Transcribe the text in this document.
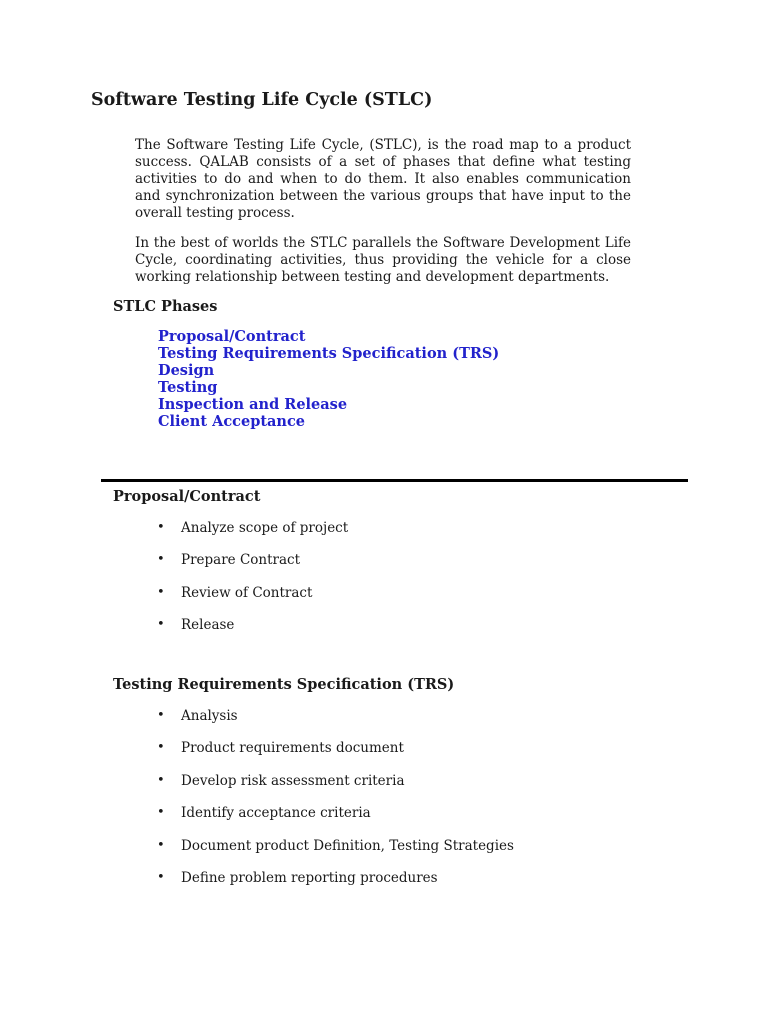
Software Testing Life Cycle (STLC)

The Software Testing Life Cycle, (STLC), is the road map to a product success. QALAB consists of a set of phases that define what testing activities to do and when to do them. It also enables communication and synchronization between the various groups that have input to the overall testing process.

In the best of worlds the STLC parallels the Software Development Life Cycle, coordinating activities, thus providing the vehicle for a close working relationship between testing and development departments.

STLC Phases
Proposal/Contract
Testing Requirements Specification (TRS)
Design
Testing
Inspection and Release
Client Acceptance
Proposal/Contract
• Analyze scope of project
• Prepare Contract
• Review of Contract
• Release
Testing Requirements Specification (TRS)
• Analysis
• Product requirements document
• Develop risk assessment criteria
• Identify acceptance criteria
• Document product Definition, Testing Strategies
• Define problem reporting procedures
